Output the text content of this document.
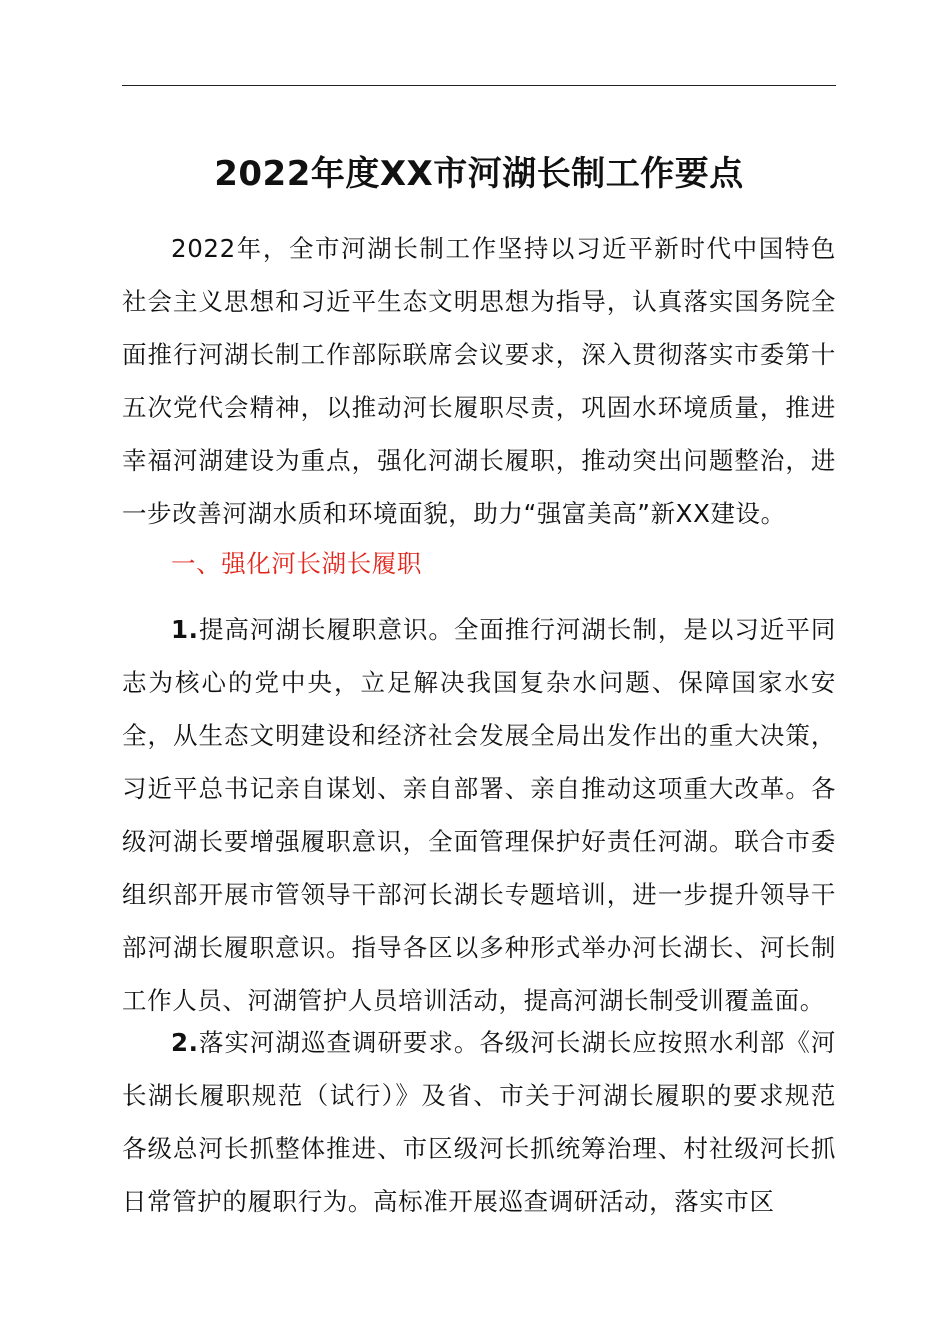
2022年度XX市河湖长制工作要点

2022年，全市河湖长制工作坚持以习近平新时代中国特色社会主义思想和习近平生态文明思想为指导，认真落实国务院全面推行河湖长制工作部际联席会议要求，深入贯彻落实市委第十五次党代会精神，以推动河长履职尽责，巩固水环境质量，推进幸福河湖建设为重点，强化河湖长履职，推动突出问题整治，进一步改善河湖水质和环境面貌，助力“强富美高”新XX建设。

一、强化河长湖长履职

1.提高河湖长履职意识。全面推行河湖长制，是以习近平同志为核心的党中央，立足解决我国复杂水问题、保障国家水安全，从生态文明建设和经济社会发展全局出发作出的重大决策，习近平总书记亲自谋划、亲自部署、亲自推动这项重大改革。各级河湖长要增强履职意识，全面管理保护好责任河湖。联合市委组织部开展市管领导干部河长湖长专题培训，进一步提升领导干部河湖长履职意识。指导各区以多种形式举办河长湖长、河长制工作人员、河湖管护人员培训活动，提高河湖长制受训覆盖面。

2.落实河湖巡查调研要求。各级河长湖长应按照水利部《河长湖长履职规范（试行）》及省、市关于河湖长履职的要求规范各级总河长抓整体推进、市区级河长抓统筹治理、村社级河长抓日常管护的履职行为。高标准开展巡查调研活动，落实市区
